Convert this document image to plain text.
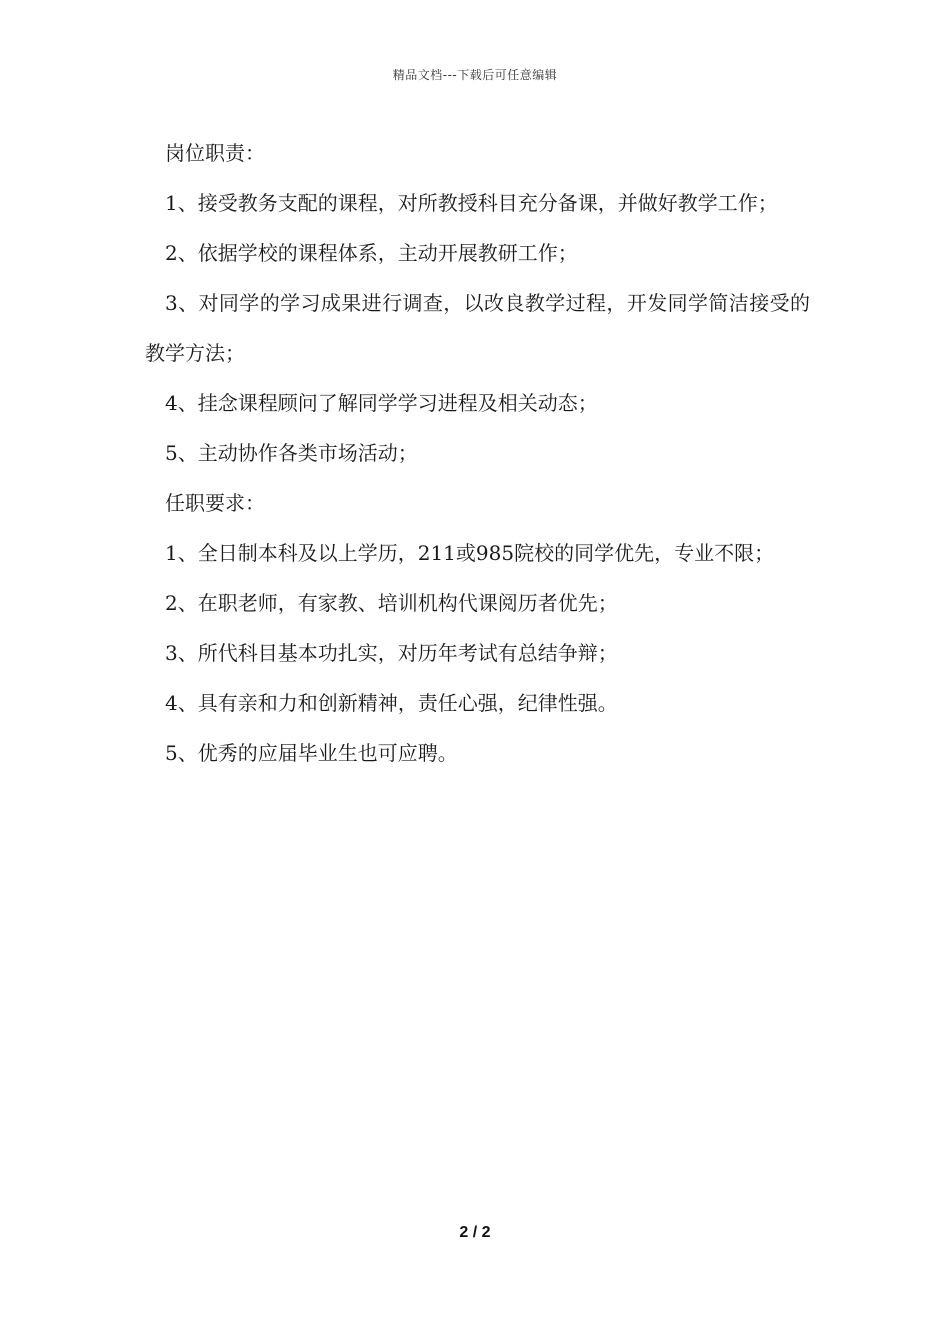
精品文档---下载后可任意编辑

岗位职责：

1、接受教务支配的课程，对所教授科目充分备课，并做好教学工作；

2、依据学校的课程体系，主动开展教研工作；

3、对同学的学习成果进行调查，以改良教学过程，开发同学简洁接受的教学方法；

4、挂念课程顾问了解同学学习进程及相关动态；

5、主动协作各类市场活动；

任职要求：

1、全日制本科及以上学历，211或985院校的同学优先，专业不限；

2、在职老师，有家教、培训机构代课阅历者优先；

3、所代科目基本功扎实，对历年考试有总结争辩；

4、具有亲和力和创新精神，责任心强，纪律性强。

5、优秀的应届毕业生也可应聘。

2 / 2
